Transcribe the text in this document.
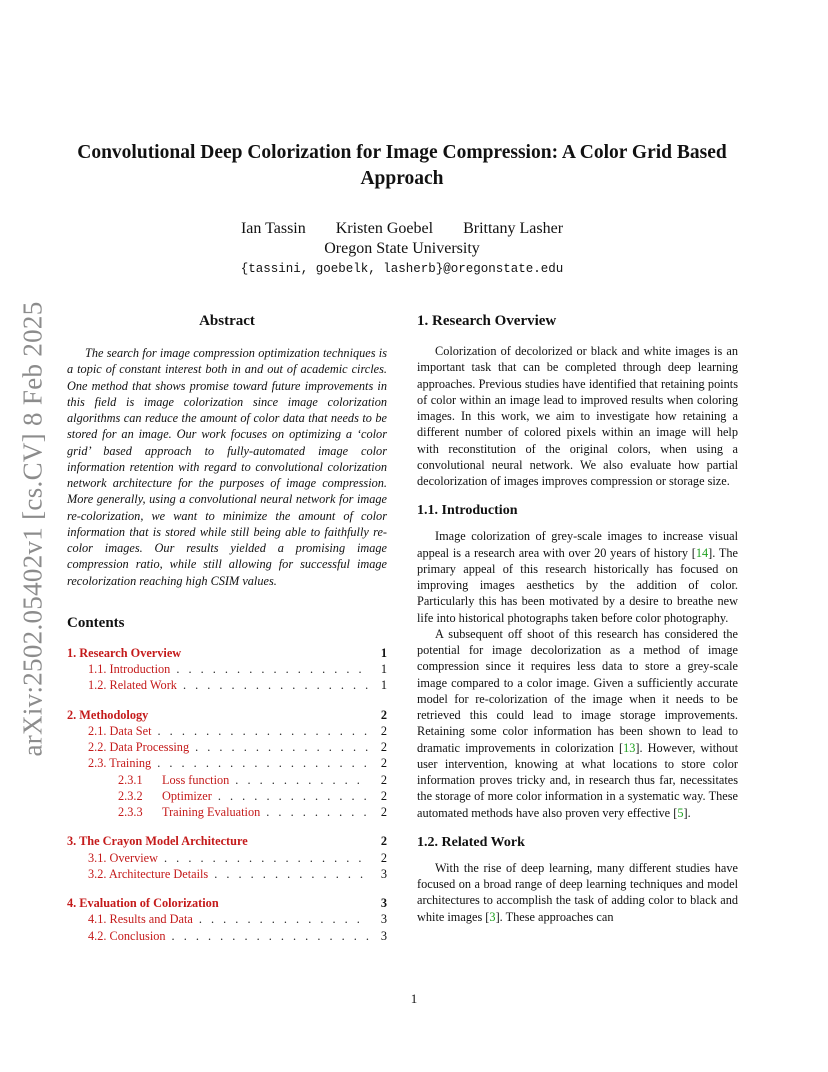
arXiv:2502.05402v1 [cs.CV] 8 Feb 2025
Convolutional Deep Colorization for Image Compression: A Color Grid Based Approach
Ian Tassin Kristen Goebel Brittany Lasher
Oregon State University
{tassini, goebelk, lasherb}@oregonstate.edu
Abstract

The search for image compression optimization techniques is a topic of constant interest both in and out of academic circles. One method that shows promise toward future improvements in this field is image colorization since image colorization algorithms can reduce the amount of color data that needs to be stored for an image. Our work focuses on optimizing a ‘color grid’ based approach to fully-automated image color information retention with regard to convolutional colorization network architecture for the purposes of image compression. More generally, using a convolutional neural network for image re-colorization, we want to minimize the amount of color information that is stored while still being able to faithfully re-color images. Our results yielded a promising image compression ratio, while still allowing for successful image recolorization reaching high CSIM values.

Contents
1. Research Overview	1
1.1. Introduction . . .	1
1.2. Related Work . . .	1
2. Methodology	2
2.1. Data Set . . .	2
2.2. Data Processing . . .	2
2.3. Training . . .	2
2.3.1 Loss function . . .	2
2.3.2 Optimizer . . .	2
2.3.3 Training Evaluation . . .	2
3. The Crayon Model Architecture	2
3.1. Overview . . .	2
3.2. Architecture Details . . .	3
4. Evaluation of Colorization	3
4.1. Results and Data . . .	3
4.2. Conclusion . . .	3
1. Research Overview

Colorization of decolorized or black and white images is an important task that can be completed through deep learning approaches. Previous studies have identified that retaining points of color within an image lead to improved results when coloring images. In this work, we aim to investigate how retaining a different number of colored pixels within an image will help with reconstitution of the original colors, when using a convolutional neural network. We also evaluate how partial decolorization of images improves compression or storage size.

1.1. Introduction

Image colorization of grey-scale images to increase visual appeal is a research area with over 20 years of history [14]. The primary appeal of this research historically has focused on improving images aesthetics by the addition of color. Particularly this has been motivated by a desire to breathe new life into historical photographs taken before color photography.

A subsequent off shoot of this research has considered the potential for image decolorization as a method of image compression since it requires less data to store a grey-scale image compared to a color image. Given a sufficiently accurate model for re-colorization of the image when it needs to be retrieved this could lead to image storage improvements. Retaining some color information has been shown to lead to dramatic improvements in colorization [13]. However, without user intervention, knowing at what locations to store color information proves tricky and, in research thus far, necessitates the storage of more color information in a systematic way. These automated methods have also proven very effective [5].

1.2. Related Work

With the rise of deep learning, many different studies have focused on a broad range of deep learning techniques and model architectures to accomplish the task of adding color to black and white images [3]. These approaches can

1
